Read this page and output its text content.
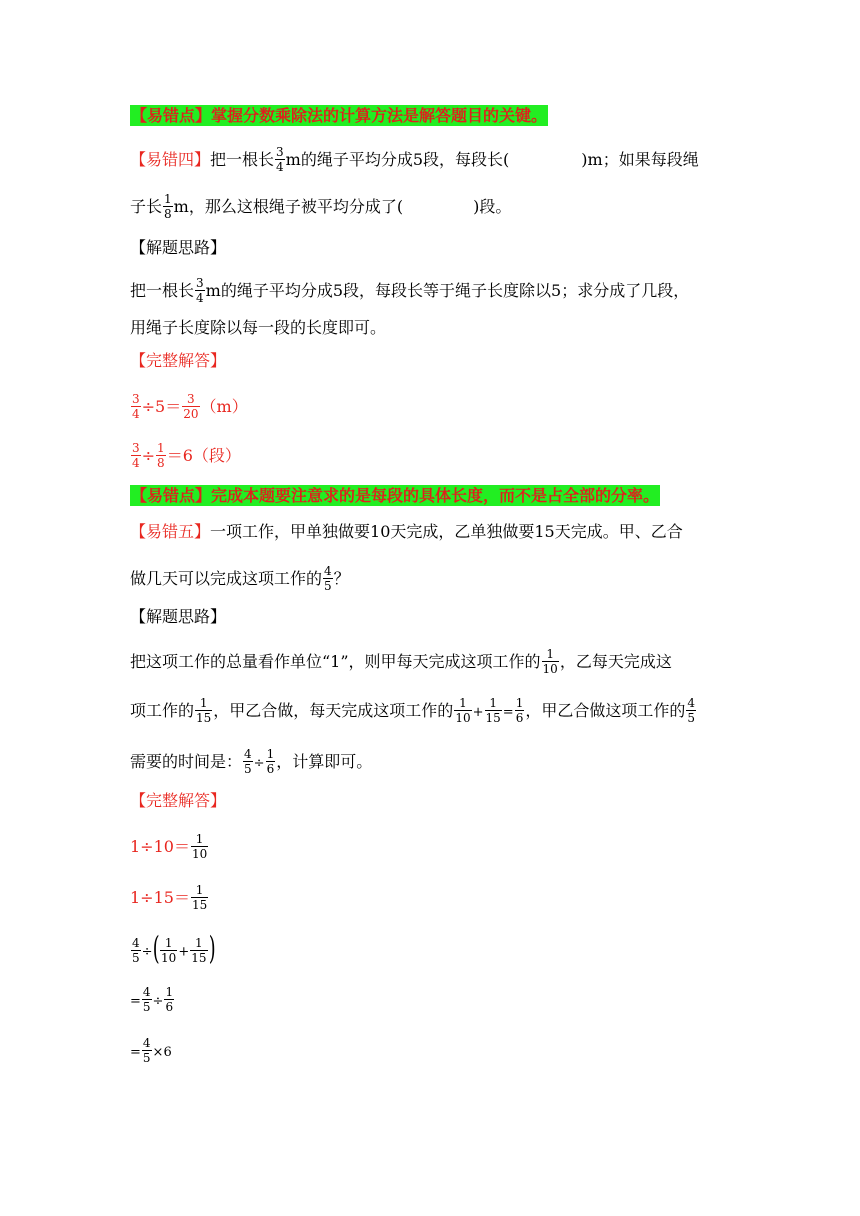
【易错点】掌握分数乘除法的计算方法是解答题目的关键。
【易错四】把一根长 $\frac{3}{4}$ m的绳子平均分成5段，每段长(	)m；如果每段绳
子长 $\frac{1}{8}$ m，那么这根绳子被平均分成了(	)段。
【解题思路】
把一根长 $\frac{3}{4}$ m的绳子平均分成5段，每段长等于绳子长度除以5；求分成了几段，
用绳子长度除以每一段的长度即可。
【完整解答】
$\frac{3}{4} \div 5= \frac{3}{20} (m)$
$\frac{3}{4} \div \frac{1}{8} =6$（段）
【易错点】完成本题要注意求的是每段的具体长度，而不是占全部的分率。
【易错五】一项工作，甲单独做要10天完成，乙单独做要15天完成。甲、乙合
做几天可以完成这项工作的 $\frac{4}{5}$ ？
【解题思路】
把这项工作的总量看作单位“1”，则甲每天完成这项工作的 $\frac{1}{10}$ ，乙每天完成这
项工作的 $\frac{1}{15}$ ，甲乙合做，每天完成这项工作的 $\frac{1}{10} + \frac{1}{15} = \frac{1}{6}$ ，甲乙合做这项工作的 $\frac{4}{5}$
需要的时间是： $\frac{4}{5} \div \frac{1}{6}$ ，计算即可。
【完整解答】
$1\div 10= \frac{1}{10}$
$1\div 15= \frac{1}{15}$
$\frac{4}{5}$ ÷( $\frac{1}{10} + \frac{1}{15}$ )
= $\frac{4}{5} \div \frac{1}{6}$
= $\frac{4}{5} \times 6$
